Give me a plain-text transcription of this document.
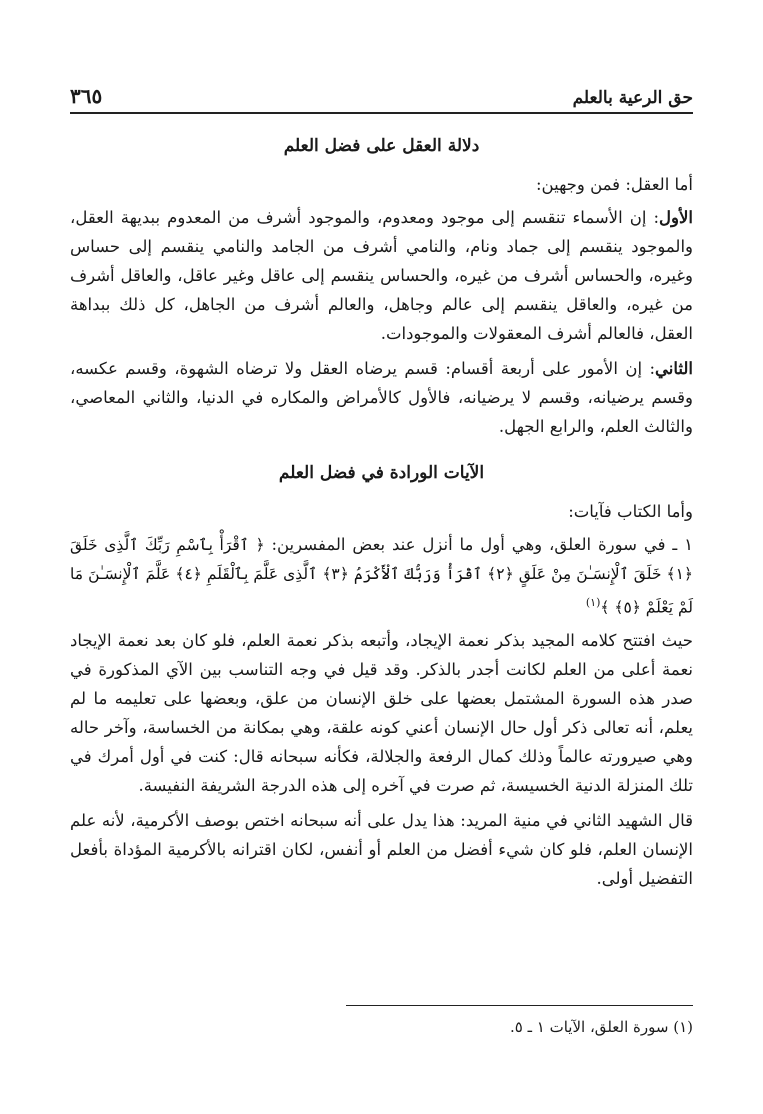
حق الرعية بالعلم
٣٦٥
دلالة العقل على فضل العلم

أما العقل: فمن وجهين:

الأول: إن الأسماء تنقسم إلى موجود ومعدوم، والموجود أشرف من المعدوم ببديهة العقل، والموجود ينقسم إلى جماد ونام، والنامي أشرف من الجامد والنامي ينقسم إلى حساس وغيره، والحساس أشرف من غيره، والحساس ينقسم إلى عاقل وغير عاقل، والعاقل أشرف من غيره، والعاقل ينقسم إلى عالم وجاهل، والعالم أشرف من الجاهل، كل ذلك ببداهة العقل، فالعالم أشرف المعقولات والموجودات.

الثاني: إن الأمور على أربعة أقسام: قسم يرضاه العقل ولا ترضاه الشهوة، وقسم عكسه، وقسم يرضيانه، وقسم لا يرضيانه، فالأول كالأمراض والمكاره في الدنيا، والثاني المعاصي، والثالث العلم، والرابع الجهل.

الآيات الورادة في فضل العلم

وأما الكتاب فآيات:

١ ـ في سورة العلق، وهي أول ما أنزل عند بعض المفسرين: ﴿ ٱقْرَأْ بِٱسْمِ رَبِّكَ ٱلَّذِى خَلَقَ ﴿١﴾ خَلَقَ ٱلْإِنسَـٰنَ مِنْ عَلَقٍ ﴿٢﴾ ٱقْرَأْ وَرَبُّكَ ٱلْأَكْرَمُ ﴿٣﴾ ٱلَّذِى عَلَّمَ بِٱلْقَلَمِ ﴿٤﴾ عَلَّمَ ٱلْإِنسَـٰنَ مَا لَمْ يَعْلَمْ ﴿٥﴾ ﴾$^{(١)}$

حيث افتتح كلامه المجيد بذكر نعمة الإيجاد، وأتبعه بذكر نعمة العلم، فلو كان بعد نعمة الإيجاد نعمة أعلى من العلم لكانت أجدر بالذكر. وقد قيل في وجه التناسب بين الآي المذكورة في صدر هذه السورة المشتمل بعضها على خلق الإنسان من علق، وبعضها على تعليمه ما لم يعلم، أنه تعالى ذكر أول حال الإنسان أعني كونه علقة، وهي بمكانة من الخساسة، وآخر حاله وهي صيرورته عالماً وذلك كمال الرفعة والجلالة، فكأنه سبحانه قال: كنت في أول أمرك في تلك المنزلة الدنية الخسيسة، ثم صرت في آخره إلى هذه الدرجة الشريفة النفيسة.

قال الشهيد الثاني في منية المريد: هذا يدل على أنه سبحانه اختص بوصف الأكرمية، لأنه علم الإنسان العلم، فلو كان شيء أفضل من العلم أو أنفس، لكان اقترانه بالأكرمية المؤداة بأفعل التفضيل أولى.

(١) سورة العلق، الآيات ١ ـ ٥.
